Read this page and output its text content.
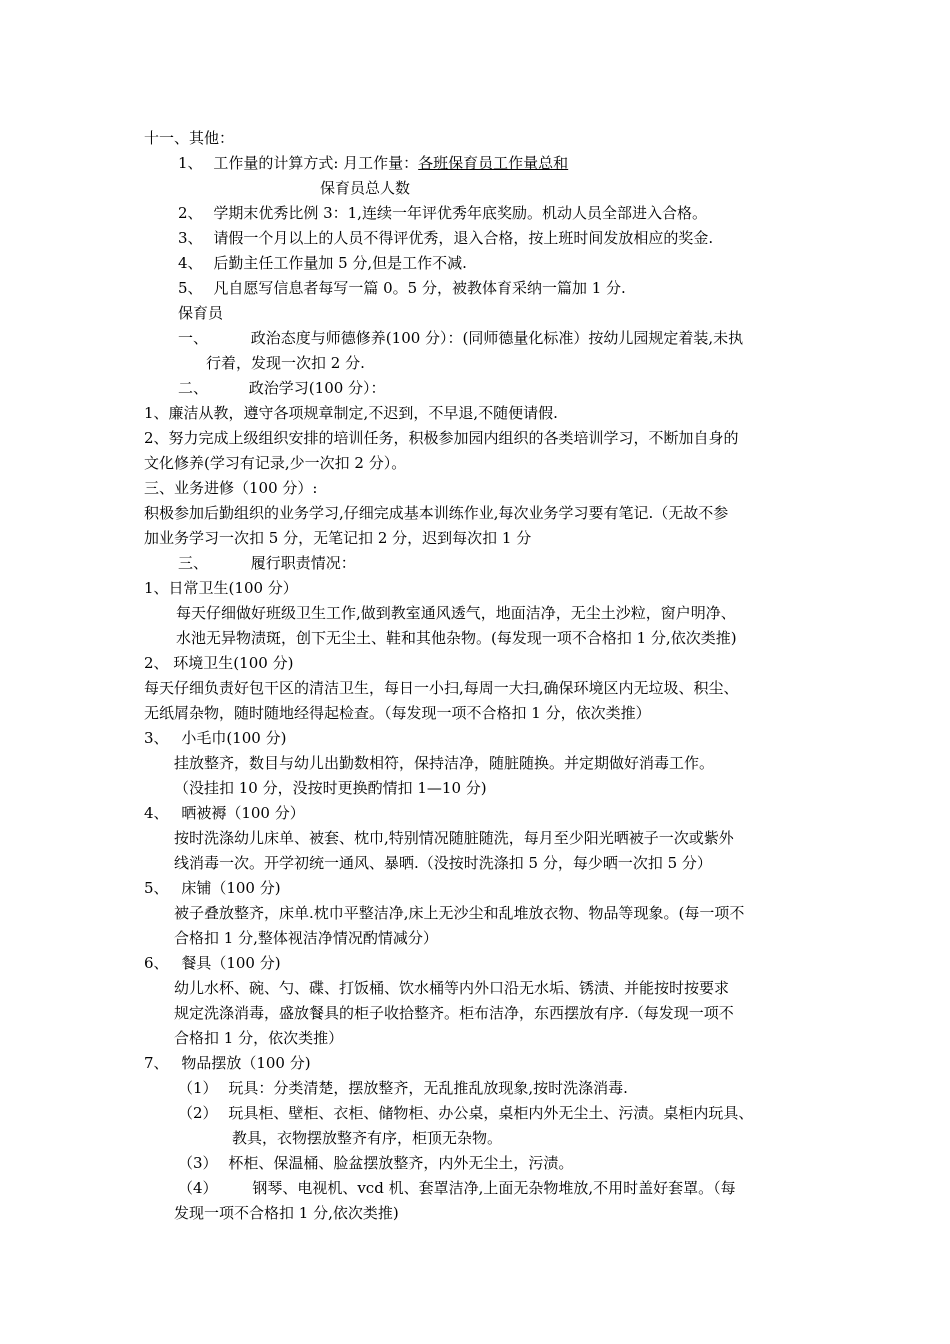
十一、其他：
1、 工作量的计算方式: 月工作量：各班保育员工作量总和
保育员总人数
2、 学期末优秀比例 3：1,连续一年评优秀年底奖励。机动人员全部进入合格。
3、 请假一个月以上的人员不得评优秀，退入合格，按上班时间发放相应的奖金.
4、 后勤主任工作量加 5 分,但是工作不减.
5、 凡自愿写信息者每写一篇 0。5 分，被教体育采纳一篇加 1 分.
保育员
一、	政治态度与师德修养(100 分）：(同师德量化标准）按幼儿园规定着装,未执
行着，发现一次扣 2 分.
二、	政治学习(100 分）：
1、廉洁从教，遵守各项规章制定,不迟到，不早退,不随便请假.
2、努力完成上级组织安排的培训任务，积极参加园内组织的各类培训学习，不断加自身的
文化修养(学习有记录,少一次扣 2 分）。
三、业务进修（100 分）:
积极参加后勤组织的业务学习,仔细完成基本训练作业,每次业务学习要有笔记.（无故不参
加业务学习一次扣 5 分，无笔记扣 2 分，迟到每次扣 1 分
三、	履行职责情况：
1、日常卫生(100 分）
每天仔细做好班级卫生工作,做到教室通风透气，地面洁净，无尘土沙粒，窗户明净、
水池无异物渍斑，创下无尘土、鞋和其他杂物。(每发现一项不合格扣 1 分,依次类推)
2、 环境卫生(100 分)
每天仔细负责好包干区的清洁卫生，每日一小扫,每周一大扫,确保环境区内无垃圾、积尘、
无纸屑杂物，随时随地经得起检查。（每发现一项不合格扣 1 分，依次类推）
3、 小毛巾(100 分)
挂放整齐，数目与幼儿出勤数相符，保持洁净，随脏随换。并定期做好消毒工作。
（没挂扣 10 分，没按时更换酌情扣 1—10 分)
4、 晒被褥（100 分）
按时洗涤幼儿床单、被套、枕巾,特别情况随脏随洗，每月至少阳光晒被子一次或紫外
线消毒一次。开学初统一通风、暴晒.（没按时洗涤扣 5 分，每少晒一次扣 5 分）
5、 床铺（100 分)
被子叠放整齐，床单.枕巾平整洁净,床上无沙尘和乱堆放衣物、物品等现象。(每一项不
合格扣 1 分,整体视洁净情况酌情减分）
6、 餐具（100 分)
幼儿水杯、碗、勺、碟、打饭桶、饮水桶等内外口沿无水垢、锈渍、并能按时按要求
规定洗涤消毒，盛放餐具的柜子收拾整齐。柜布洁净，东西摆放有序.（每发现一项不
合格扣 1 分，依次类推）
7、 物品摆放（100 分)
（1） 玩具：分类清楚，摆放整齐，无乱推乱放现象,按时洗涤消毒.
（2） 玩具柜、壁柜、衣柜、储物柜、办公桌，桌柜内外无尘土、污渍。桌柜内玩具、
教具，衣物摆放整齐有序，柜顶无杂物。
（3） 杯柜、保温桶、脸盆摆放整齐，内外无尘土，污渍。
（4） 钢琴、电视机、vcd 机、套罩洁净,上面无杂物堆放,不用时盖好套罩。（每
发现一项不合格扣 1 分,依次类推)
